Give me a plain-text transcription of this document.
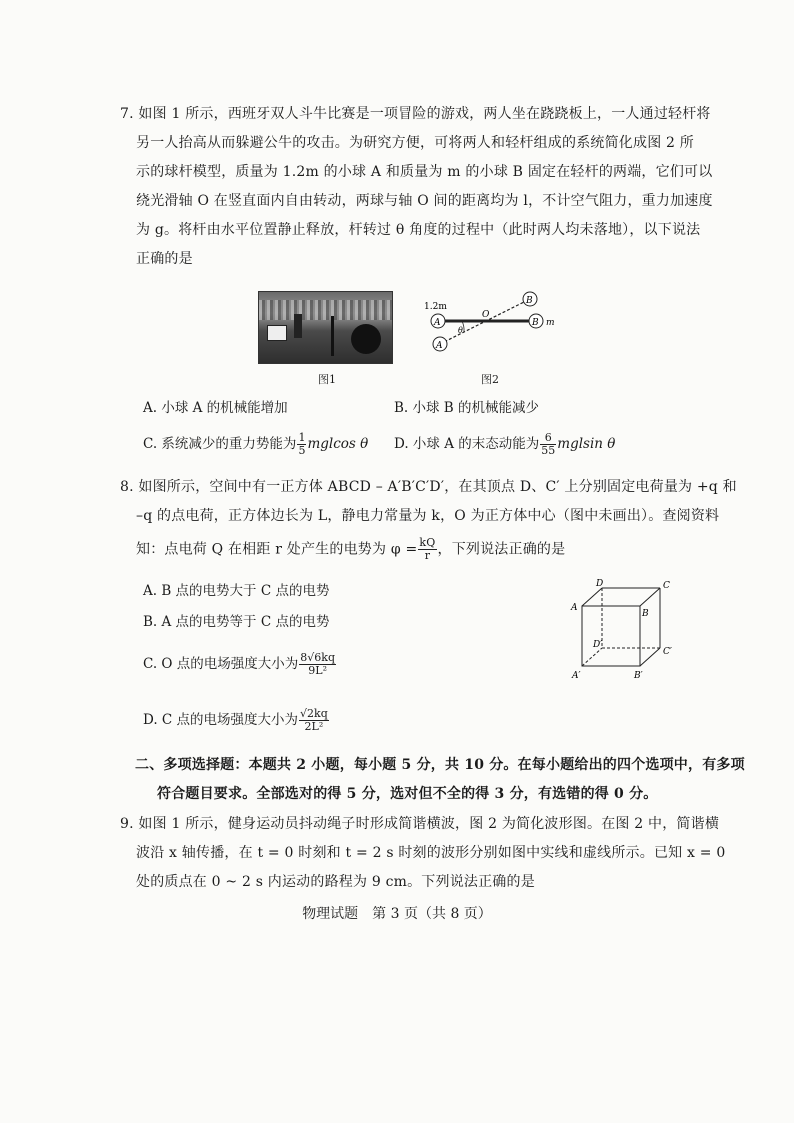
7. 如图 1 所示，西班牙双人斗牛比赛是一项冒险的游戏，两人坐在跷跷板上，一人通过轻杆将
另一人抬高从而躲避公牛的攻击。为研究方便，可将两人和轻杆组成的系统简化成图 2 所
示的球杆模型，质量为 1.2m 的小球 A 和质量为 m 的小球 B 固定在轻杆的两端，它们可以
绕光滑轴 O 在竖直面内自由转动，两球与轴 O 间的距离均为 l，不计空气阻力，重力加速度
为 g。将杆由水平位置静止释放，杆转过 θ 角度的过程中（此时两人均未落地），以下说法
正确的是
图1
1.2m
A
A
B
B
O
θ
m
图2
A. 小球 A 的机械能增加	B. 小球 B 的机械能减少
C. 系统减少的重力势能为 $\frac{1}{5}$ mglcos θ D. 小球 A 的末态动能为 $\frac{6}{55}$ mglsin θ
8. 如图所示，空间中有一正方体 ABCD – A′B′C′D′，在其顶点 D、C′ 上分别固定电荷量为 +q 和
–q 的点电荷，正方体边长为 L，静电力常量为 k，O 为正方体中心（图中未画出）。查阅资料
知：点电荷 Q 在相距 r 处产生的电势为 $\varphi = \frac{kQ}{r}$ ，下列说法正确的是
A. B 点的电势大于 C 点的电势
B. A 点的电势等于 C 点的电势
C. O 点的电场强度大小为 $\frac{8√6kq}{\text{9L²}}$
D. C 点的电场强度大小为 $\frac{√2kq}{\text{2L²}}$
D	C
A
B
D′
C′
A′	B′
二、多项选择题：本题共 2 小题，每小题 5 分，共 10 分。在每小题给出的四个选项中，有多项
符合题目要求。全部选对的得 5 分，选对但不全的得 3 分，有选错的得 0 分。
9. 如图 1 所示，健身运动员抖动绳子时形成简谐横波，图 2 为简化波形图。在图 2 中，简谐横
波沿 x 轴传播，在 t = 0 时刻和 t = 2 s 时刻的波形分别如图中实线和虚线所示。已知 x = 0
处的质点在 0 ~ 2 s 内运动的路程为 9 cm。下列说法正确的是
物理试题　第 3 页（共 8 页）
